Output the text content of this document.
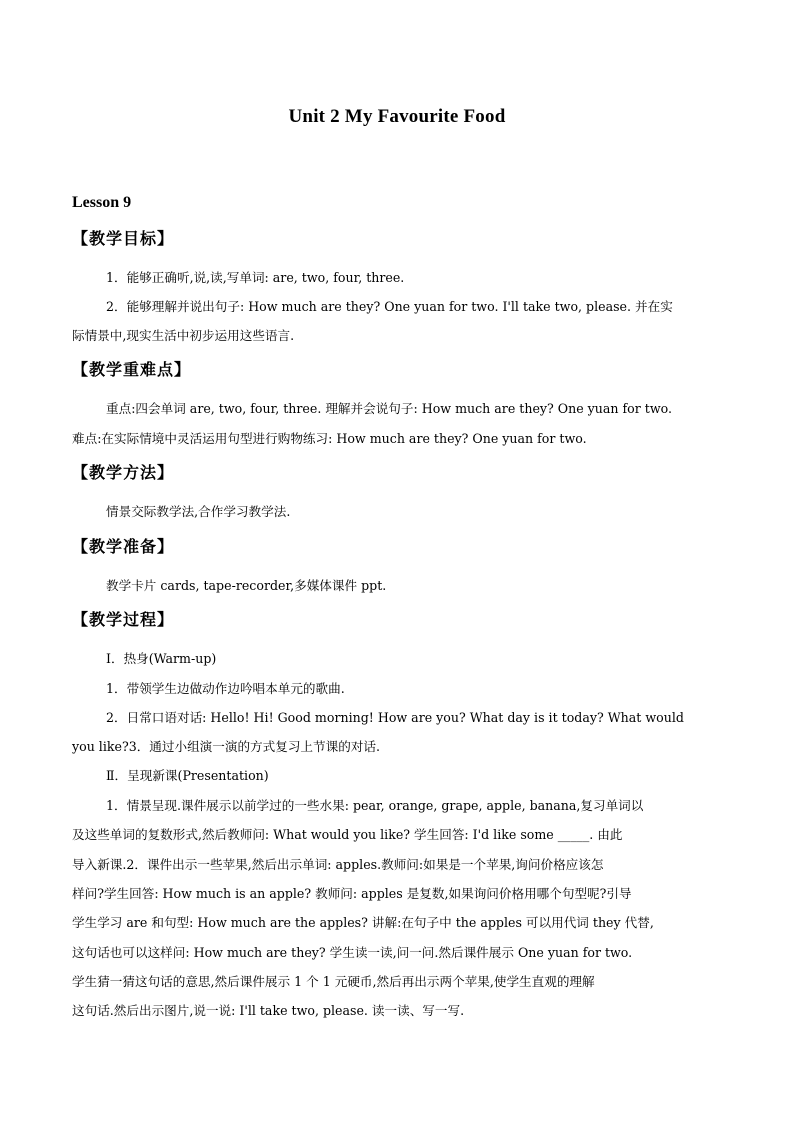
Unit 2 My Favourite Food
Lesson 9
【教学目标】
1．能够正确听,说,读,写单词: are, two, four, three.
2．能够理解并说出句子: How much are they? One yuan for two. I'll take two, please. 并在实
际情景中,现实生活中初步运用这些语言.
【教学重难点】
重点:四会单词 are, two, four, three. 理解并会说句子: How much are they? One yuan for two.
难点:在实际情境中灵活运用句型进行购物练习: How much are they? One yuan for two.
【教学方法】
情景交际教学法,合作学习教学法.
【教学准备】
教学卡片 cards, tape-recorder,多媒体课件 ppt.
【教学过程】
Ⅰ．热身(Warm-up)
1．带领学生边做动作边吟唱本单元的歌曲.
2．日常口语对话: Hello! Hi! Good morning! How are you? What day is it today? What would
you like?3．通过小组演一演的方式复习上节课的对话.
Ⅱ．呈现新课(Presentation)
1．情景呈现.课件展示以前学过的一些水果: pear, orange, grape, apple, banana,复习单词以
及这些单词的复数形式,然后教师问: What would you like? 学生回答: I'd like some _____. 由此
导入新课.2．课件出示一些苹果,然后出示单词: apples.教师问:如果是一个苹果,询问价格应该怎
样问?学生回答: How much is an apple? 教师问: apples 是复数,如果询问价格用哪个句型呢?引导
学生学习 are 和句型: How much are the apples? 讲解:在句子中 the apples 可以用代词 they 代替,
这句话也可以这样问: How much are they? 学生读一读,问一问.然后课件展示 One yuan for two.
学生猜一猜这句话的意思,然后课件展示 1 个 1 元硬币,然后再出示两个苹果,使学生直观的理解
这句话.然后出示图片,说一说: I'll take two, please. 读一读、写一写.
